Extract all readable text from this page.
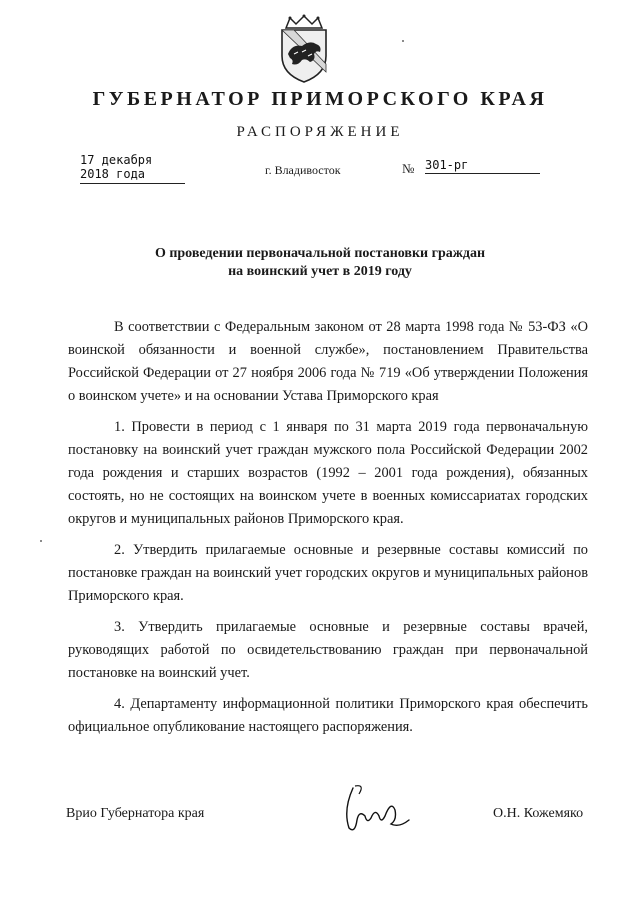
ГУБЕРНАТОР ПРИМОРСКОГО КРАЯ
РАСПОРЯЖЕНИЕ
17 декабря 2018 года	г. Владивосток	№ 301-рг
О проведении первоначальной постановки граждан
на воинский учет в 2019 году

В соответствии с Федеральным законом от 28 марта 1998 года № 53-ФЗ «О воинской обязанности и военной службе», постановлением Правительства Российской Федерации от 27 ноября 2006 года № 719 «Об утверждении Положения о воинском учете» и на основании Устава Приморского края

1. Провести в период с 1 января по 31 марта 2019 года первоначальную постановку на воинский учет граждан мужского пола Российской Федерации 2002 года рождения и старших возрастов (1992 – 2001 года рождения), обязанных состоять, но не состоящих на воинском учете в военных комиссариатах городских округов и муниципальных районов Приморского края.

2. Утвердить прилагаемые основные и резервные составы комиссий по постановке граждан на воинский учет городских округов и муниципальных районов Приморского края.

3. Утвердить прилагаемые основные и резервные составы врачей, руководящих работой по освидетельствованию граждан при первоначальной постановке на воинский учет.

4. Департаменту информационной политики Приморского края обеспечить официальное опубликование настоящего распоряжения.

Врио Губернатора края	О.Н. Кожемяко
